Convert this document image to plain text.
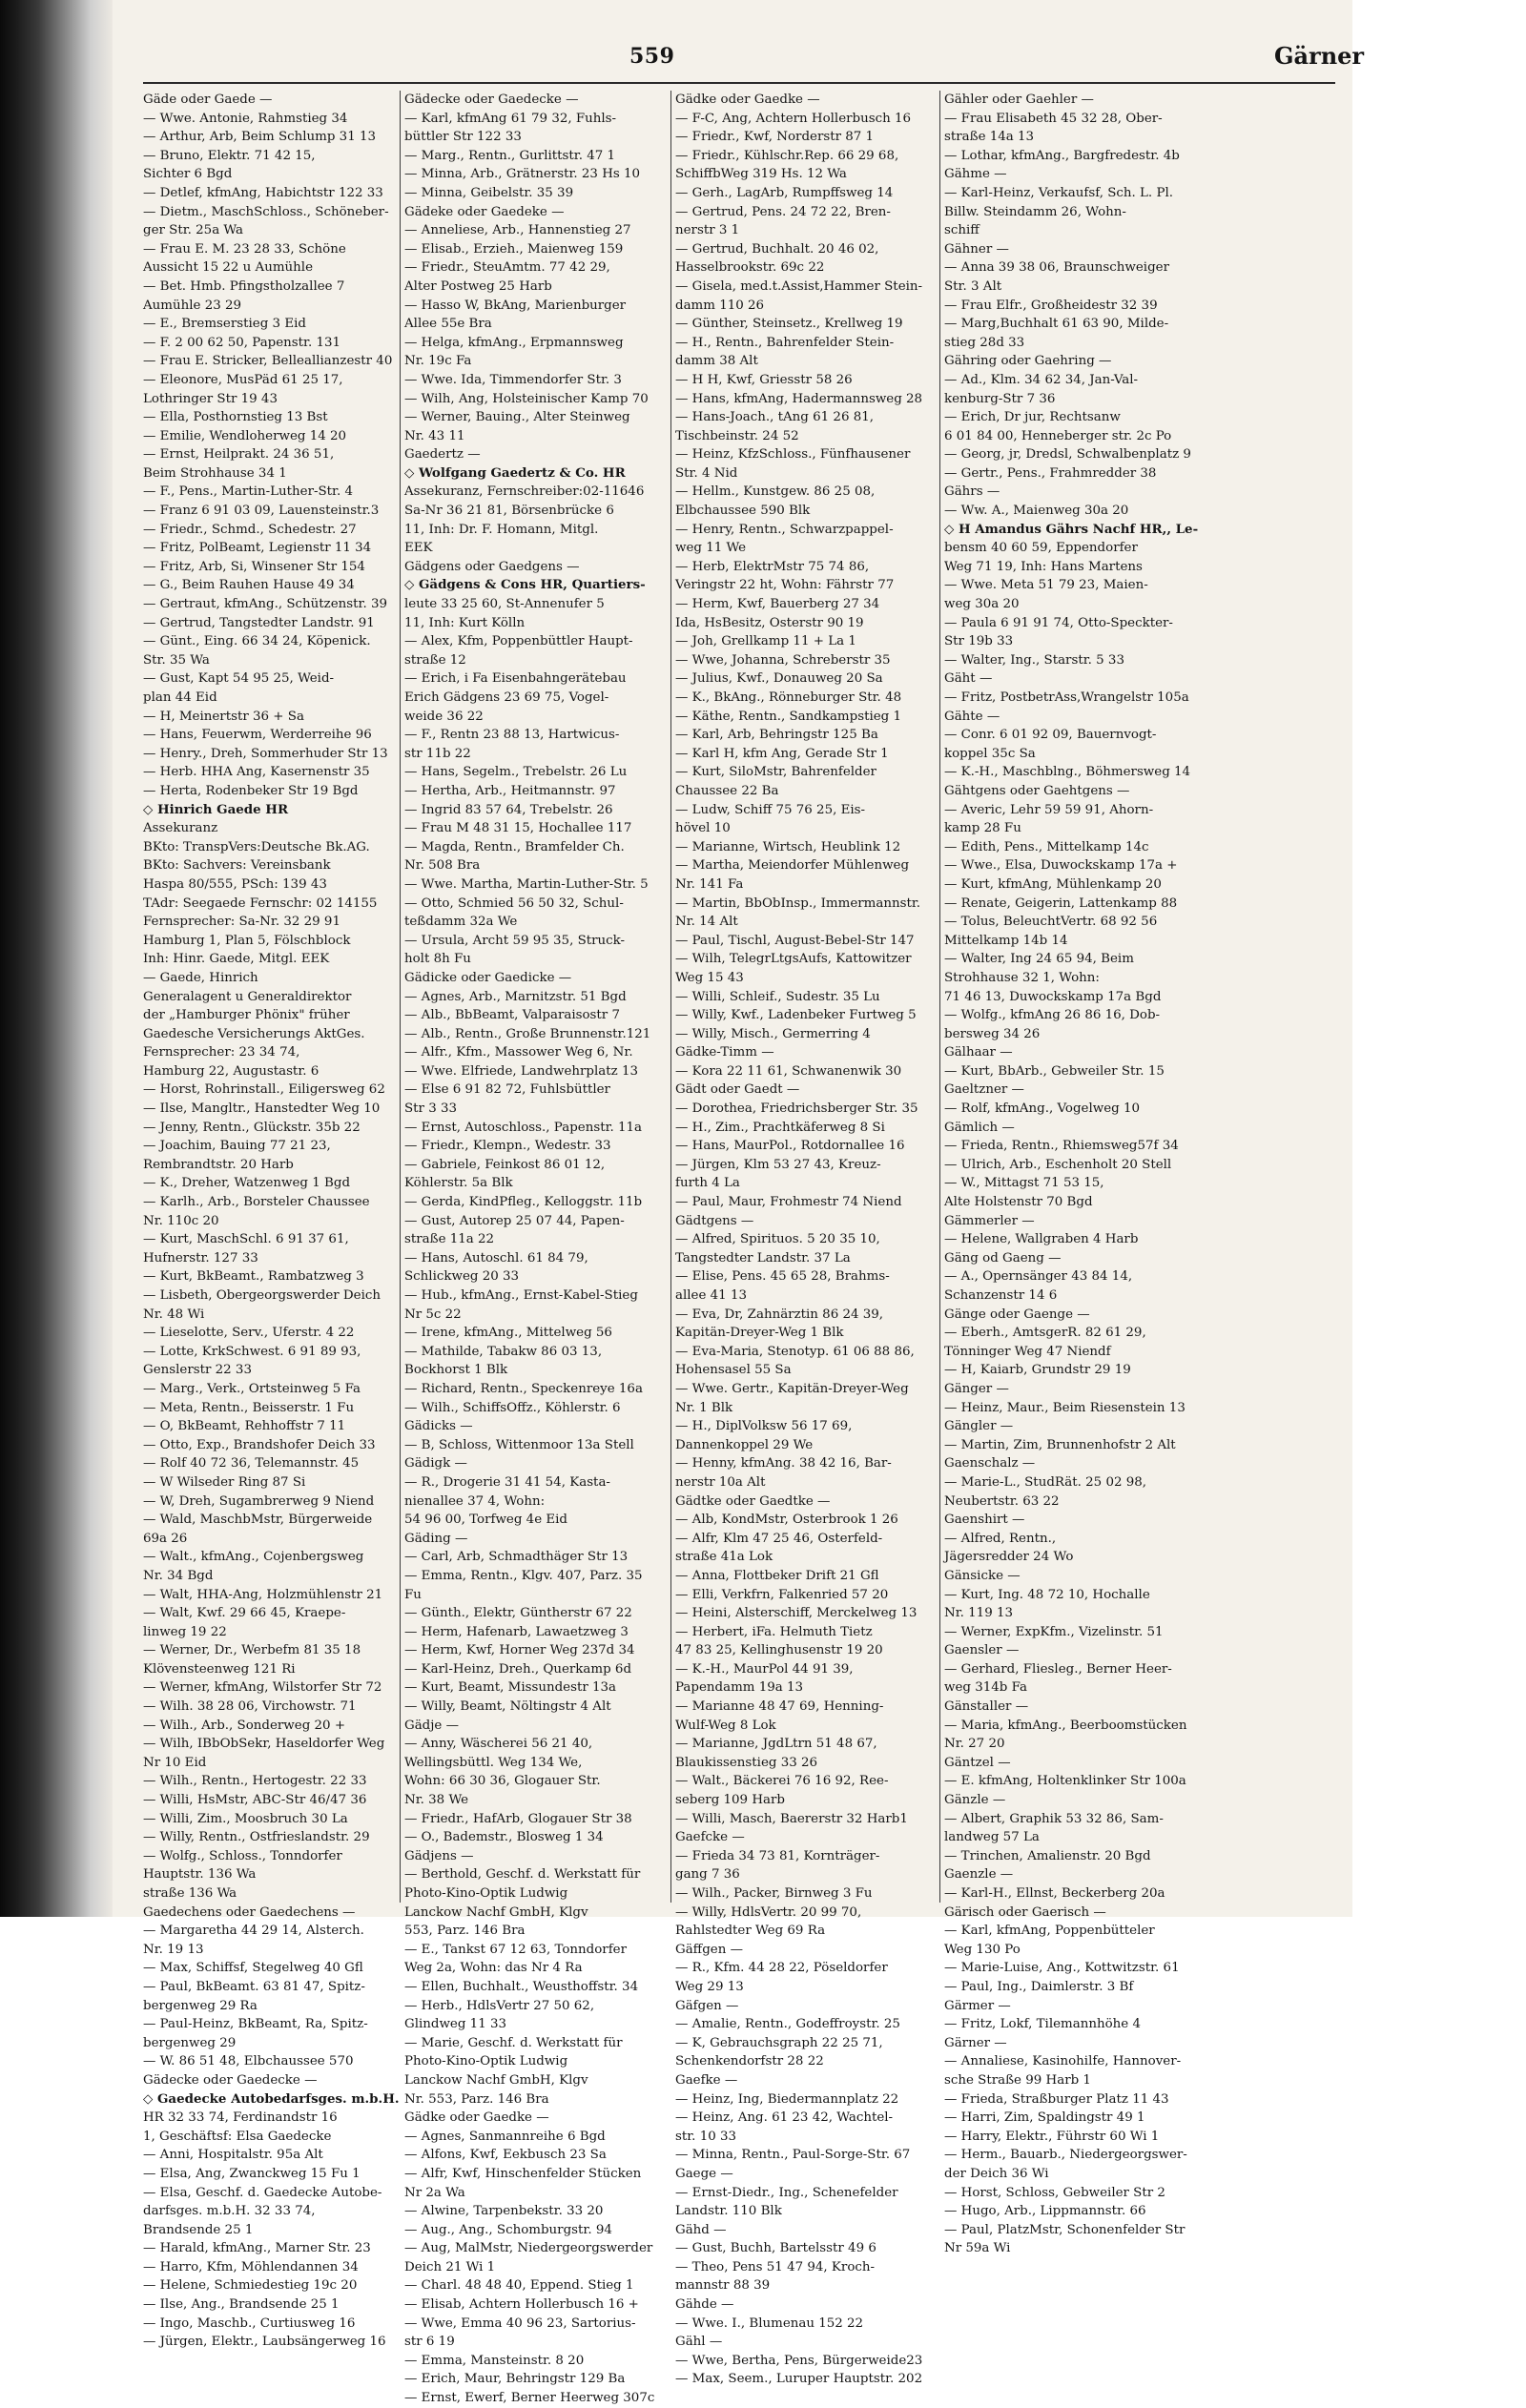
559	Gärner
Gäde oder Gaede —
— Wwe. Antonie, Rahmstieg 34
— Arthur, Arb, Beim Schlump 31 13
— Bruno, Elektr. 71 42 15,
Sichter 6 Bgd
— Detlef, kfmAng, Habichtstr 122 33
— Dietm., MaschSchloss., Schöneber-
ger Str. 25a Wa
— Frau E. M. 23 28 33, Schöne
Aussicht 15 22 u Aumühle
— Bet. Hmb. Pfingstholzallee 7
Aumühle 23 29
— E., Bremserstieg 3 Eid
— F. 2 00 62 50, Papenstr. 131
— Frau E. Stricker, Belleallianzestr 40
— Eleonore, MusPäd 61 25 17,
Lothringer Str 19 43
— Ella, Posthornstieg 13 Bst
— Emilie, Wendloherweg 14 20
— Ernst, Heilprakt. 24 36 51,
Beim Strohhause 34 1
— F., Pens., Martin-Luther-Str. 4
— Franz 6 91 03 09, Lauensteinstr.3
— Friedr., Schmd., Schedestr. 27
— Fritz, PolBeamt, Legienstr 11 34
— Fritz, Arb, Si, Winsener Str 154
— G., Beim Rauhen Hause 49 34
— Gertraut, kfmAng., Schützenstr. 39
— Gertrud, Tangstedter Landstr. 91
— Günt., Eing. 66 34 24, Köpenick.
Str. 35 Wa
— Gust, Kapt 54 95 25, Weid-
plan 44 Eid
— H, Meinertstr 36 + Sa
— Hans, Feuerwm, Werderreihe 96
— Henry., Dreh, Sommerhuder Str 13
— Herb. HHA Ang, Kasernenstr 35
— Herta, Rodenbeker Str 19 Bgd
◇ Hinrich Gaede HR
Assekuranz
BKto: TranspVers:Deutsche Bk.AG.
BKto: Sachvers: Vereinsbank
Haspa 80/555, PSch: 139 43
TAdr: Seegaede Fernschr: 02 14155
Fernsprecher: Sa-Nr. 32 29 91
Hamburg 1, Plan 5, Fölschblock
Inh: Hinr. Gaede, Mitgl. EEK
— Gaede, Hinrich
Generalagent u Generaldirektor
der „Hamburger Phönix" früher
Gaedesche Versicherungs AktGes.
Fernsprecher: 23 34 74,
Hamburg 22, Augustastr. 6
— Horst, Rohrinstall., Eiligersweg 62
— Ilse, Mangltr., Hanstedter Weg 10
— Jenny, Rentn., Glückstr. 35b 22
— Joachim, Bauing 77 21 23,
Rembrandtstr. 20 Harb
— K., Dreher, Watzenweg 1 Bgd
— Karlh., Arb., Borsteler Chaussee
Nr. 110c 20
— Kurt, MaschSchl. 6 91 37 61,
Hufnerstr. 127 33
— Kurt, BkBeamt., Rambatzweg 3
— Lisbeth, Obergeorgswerder Deich
Nr. 48 Wi
— Lieselotte, Serv., Uferstr. 4 22
— Lotte, KrkSchwest. 6 91 89 93,
Genslerstr 22 33
— Marg., Verk., Ortsteinweg 5 Fa
— Meta, Rentn., Beisserstr. 1 Fu
— O, BkBeamt, Rehhoffstr 7 11
— Otto, Exp., Brandshofer Deich 33
— Rolf 40 72 36, Telemannstr. 45
— W Wilseder Ring 87 Si
— W, Dreh, Sugambrerweg 9 Niend
— Wald, MaschbMstr, Bürgerweide
69a 26
— Walt., kfmAng., Cojenbergsweg
Nr. 34 Bgd
— Walt, HHA-Ang, Holzmühlenstr 21
— Walt, Kwf. 29 66 45, Kraepe-
linweg 19 22
— Werner, Dr., Werbefm 81 35 18
Klövensteenweg 121 Ri
— Werner, kfmAng, Wilstorfer Str 72
— Wilh. 38 28 06, Virchowstr. 71
— Wilh., Arb., Sonderweg 20 +
— Wilh, IBbObSekr, Haseldorfer Weg
Nr 10 Eid
— Wilh., Rentn., Hertogestr. 22 33
— Willi, HsMstr, ABC-Str 46/47 36
— Willi, Zim., Moosbruch 30 La
— Willy, Rentn., Ostfrieslandstr. 29
— Wolfg., Schloss., Tonndorfer
Hauptstr. 136 Wa
straße 136 Wa
Gaedechens oder Gaedechens —
— Margaretha 44 29 14, Alsterch.
Nr. 19 13
— Max, Schiffsf, Stegelweg 40 Gfl
— Paul, BkBeamt. 63 81 47, Spitz-
bergenweg 29 Ra
— Paul-Heinz, BkBeamt, Ra, Spitz-
bergenweg 29
— W. 86 51 48, Elbchaussee 570
Gädecke oder Gaedecke —
◇ Gaedecke Autobedarfsges. m.b.H.
HR 32 33 74, Ferdinandstr 16
1, Geschäftsf: Elsa Gaedecke
— Anni, Hospitalstr. 95a Alt
— Elsa, Ang, Zwanckweg 15 Fu 1
— Elsa, Geschf. d. Gaedecke Autobe-
darfsges. m.b.H. 32 33 74,
Brandsende 25 1
— Harald, kfmAng., Marner Str. 23
— Harro, Kfm, Möhlendannen 34
— Helene, Schmiedestieg 19c 20
— Ilse, Ang., Brandsende 25 1
— Ingo, Maschb., Curtiusweg 16
— Jürgen, Elektr., Laubsängerweg 16
Gädecke oder Gaedecke —
— Karl, kfmAng 61 79 32, Fuhls-
büttler Str 122 33
— Marg., Rentn., Gurlittstr. 47 1
— Minna, Arb., Grätnerstr. 23 Hs 10
— Minna, Geibelstr. 35 39
Gädeke oder Gaedeke —
— Anneliese, Arb., Hannenstieg 27
— Elisab., Erzieh., Maienweg 159
— Friedr., SteuAmtm. 77 42 29,
Alter Postweg 25 Harb
— Hasso W, BkAng, Marienburger
Allee 55e Bra
— Helga, kfmAng., Erpmannsweg
Nr. 19c Fa
— Wwe. Ida, Timmendorfer Str. 3
— Wilh, Ang, Holsteinischer Kamp 70
— Werner, Bauing., Alter Steinweg
Nr. 43 11
Gaedertz —
◇ Wolfgang Gaedertz & Co. HR
Assekuranz, Fernschreiber:02-11646
Sa-Nr 36 21 81, Börsenbrücke 6
11, Inh: Dr. F. Homann, Mitgl.
EEK
Gädgens oder Gaedgens —
◇ Gädgens & Cons HR, Quartiers-
leute 33 25 60, St-Annenufer 5
11, Inh: Kurt Kölln
— Alex, Kfm, Poppenbüttler Haupt-
straße 12
— Erich, i Fa Eisenbahngerätebau
Erich Gädgens 23 69 75, Vogel-
weide 36 22
— F., Rentn 23 88 13, Hartwicus-
str 11b 22
— Hans, Segelm., Trebelstr. 26 Lu
— Hertha, Arb., Heitmannstr. 97
— Ingrid 83 57 64, Trebelstr. 26
— Frau M 48 31 15, Hochallee 117
— Magda, Rentn., Bramfelder Ch.
Nr. 508 Bra
— Wwe. Martha, Martin-Luther-Str. 5
— Otto, Schmied 56 50 32, Schul-
teßdamm 32a We
— Ursula, Archt 59 95 35, Struck-
holt 8h Fu
Gädicke oder Gaedicke —
— Agnes, Arb., Marnitzstr. 51 Bgd
— Alb., BbBeamt, Valparaisostr 7
— Alb., Rentn., Große Brunnenstr.121
— Alfr., Kfm., Massower Weg 6, Nr.
— Wwe. Elfriede, Landwehrplatz 13
— Else 6 91 82 72, Fuhlsbüttler
Str 3 33
— Ernst, Autoschloss., Papenstr. 11a
— Friedr., Klempn., Wedestr. 33
— Gabriele, Feinkost 86 01 12,
Köhlerstr. 5a Blk
— Gerda, KindPfleg., Kelloggstr. 11b
— Gust, Autorep 25 07 44, Papen-
straße 11a 22
— Hans, Autoschl. 61 84 79,
Schlickweg 20 33
— Hub., kfmAng., Ernst-Kabel-Stieg
Nr 5c 22
— Irene, kfmAng., Mittelweg 56
— Mathilde, Tabakw 86 03 13,
Bockhorst 1 Blk
— Richard, Rentn., Speckenreye 16a
— Wilh., SchiffsOffz., Köhlerstr. 6
Gädicks —
— B, Schloss, Wittenmoor 13a Stell
Gädigk —
— R., Drogerie 31 41 54, Kasta-
nienallee 37 4, Wohn:
54 96 00, Torfweg 4e Eid
Gäding —
— Carl, Arb, Schmadthäger Str 13
— Emma, Rentn., Klgv. 407, Parz. 35
Fu
— Günth., Elektr, Güntherstr 67 22
— Herm, Hafenarb, Lawaetzweg 3
— Herm, Kwf, Horner Weg 237d 34
— Karl-Heinz, Dreh., Querkamp 6d
— Kurt, Beamt, Missundestr 13a
— Willy, Beamt, Nöltingstr 4 Alt
Gädje —
— Anny, Wäscherei 56 21 40,
Wellingsbüttl. Weg 134 We,
Wohn: 66 30 36, Glogauer Str.
Nr. 38 We
— Friedr., HafArb, Glogauer Str 38
— O., Bademstr., Blosweg 1 34
Gädjens —
— Berthold, Geschf. d. Werkstatt für
Photo-Kino-Optik Ludwig
Lanckow Nachf GmbH, Klgv
553, Parz. 146 Bra
— E., Tankst 67 12 63, Tonndorfer
Weg 2a, Wohn: das Nr 4 Ra
— Ellen, Buchhalt., Weusthoffstr. 34
— Herb., HdlsVertr 27 50 62,
Glindweg 11 33
— Marie, Geschf. d. Werkstatt für
Photo-Kino-Optik Ludwig
Lanckow Nachf GmbH, Klgv
Nr. 553, Parz. 146 Bra
Gädke oder Gaedke —
— Agnes, Sanmannreihe 6 Bgd
— Alfons, Kwf, Eekbusch 23 Sa
— Alfr, Kwf, Hinschenfelder Stücken
Nr 2a Wa
— Alwine, Tarpenbekstr. 33 20
— Aug., Ang., Schomburgstr. 94
— Aug, MalMstr, Niedergeorgswerder
Deich 21 Wi 1
— Charl. 48 48 40, Eppend. Stieg 1
— Elisab, Achtern Hollerbusch 16 +
— Wwe, Emma 40 96 23, Sartorius-
str 6 19
— Emma, Mansteinstr. 8 20
— Erich, Maur, Behringstr 129 Ba
— Ernst, Ewerf, Berner Heerweg 307c
Gädke oder Gaedke —
— F-C, Ang, Achtern Hollerbusch 16
— Friedr., Kwf, Norderstr 87 1
— Friedr., Kühlschr.Rep. 66 29 68,
SchiffbWeg 319 Hs. 12 Wa
— Gerh., LagArb, Rumpffsweg 14
— Gertrud, Pens. 24 72 22, Bren-
nerstr 3 1
— Gertrud, Buchhalt. 20 46 02,
Hasselbrookstr. 69c 22
— Gisela, med.t.Assist,Hammer Stein-
damm 110 26
— Günther, Steinsetz., Krellweg 19
— H., Rentn., Bahrenfelder Stein-
damm 38 Alt
— H H, Kwf, Griesstr 58 26
— Hans, kfmAng, Hadermannsweg 28
— Hans-Joach., tAng 61 26 81,
Tischbeinstr. 24 52
— Heinz, KfzSchloss., Fünfhausener
Str. 4 Nid
— Hellm., Kunstgew. 86 25 08,
Elbchaussee 590 Blk
— Henry, Rentn., Schwarzpappel-
weg 11 We
— Herb, ElektrMstr 75 74 86,
Veringstr 22 ht, Wohn: Fährstr 77
— Herm, Kwf, Bauerberg 27 34
Ida, HsBesitz, Osterstr 90 19
— Joh, Grellkamp 11 + La 1
— Wwe, Johanna, Schreberstr 35
— Julius, Kwf., Donauweg 20 Sa
— K., BkAng., Rönneburger Str. 48
— Käthe, Rentn., Sandkampstieg 1
— Karl, Arb, Behringstr 125 Ba
— Karl H, kfm Ang, Gerade Str 1
— Kurt, SiloMstr, Bahrenfelder
Chaussee 22 Ba
— Ludw, Schiff 75 76 25, Eis-
hövel 10
— Marianne, Wirtsch, Heublink 12
— Martha, Meiendorfer Mühlenweg
Nr. 141 Fa
— Martin, BbObInsp., Immermannstr.
Nr. 14 Alt
— Paul, Tischl, August-Bebel-Str 147
— Wilh, TelegrLtgsAufs, Kattowitzer
Weg 15 43
— Willi, Schleif., Sudestr. 35 Lu
— Willy, Kwf., Ladenbeker Furtweg 5
— Willy, Misch., Germerring 4
Gädke-Timm —
— Kora 22 11 61, Schwanenwik 30
Gädt oder Gaedt —
— Dorothea, Friedrichsberger Str. 35
— H., Zim., Prachtkäferweg 8 Si
— Hans, MaurPol., Rotdornallee 16
— Jürgen, Klm 53 27 43, Kreuz-
furth 4 La
— Paul, Maur, Frohmestr 74 Niend
Gädtgens —
— Alfred, Spirituos. 5 20 35 10,
Tangstedter Landstr. 37 La
— Elise, Pens. 45 65 28, Brahms-
allee 41 13
— Eva, Dr, Zahnärztin 86 24 39,
Kapitän-Dreyer-Weg 1 Blk
— Eva-Maria, Stenotyp. 61 06 88 86,
Hohensasel 55 Sa
— Wwe. Gertr., Kapitän-Dreyer-Weg
Nr. 1 Blk
— H., DiplVolksw 56 17 69,
Dannenkoppel 29 We
— Henny, kfmAng. 38 42 16, Bar-
nerstr 10a Alt
Gädtke oder Gaedtke —
— Alb, KondMstr, Osterbrook 1 26
— Alfr, Klm 47 25 46, Osterfeld-
straße 41a Lok
— Anna, Flottbeker Drift 21 Gfl
— Elli, Verkfrn, Falkenried 57 20
— Heini, Alsterschiff, Merckelweg 13
— Herbert, iFa. Helmuth Tietz
47 83 25, Kellinghusenstr 19 20
— K.-H., MaurPol 44 91 39,
Papendamm 19a 13
— Marianne 48 47 69, Henning-
Wulf-Weg 8 Lok
— Marianne, JgdLtrn 51 48 67,
Blaukissenstieg 33 26
— Walt., Bäckerei 76 16 92, Ree-
seberg 109 Harb
— Willi, Masch, Baererstr 32 Harb1
Gaefcke —
— Frieda 34 73 81, Kornträger-
gang 7 36
— Wilh., Packer, Birnweg 3 Fu
— Willy, HdlsVertr. 20 99 70,
Rahlstedter Weg 69 Ra
Gäffgen —
— R., Kfm. 44 28 22, Pöseldorfer
Weg 29 13
Gäfgen —
— Amalie, Rentn., Godeffroystr. 25
— K, Gebrauchsgraph 22 25 71,
Schenkendorfstr 28 22
Gaefke —
— Heinz, Ing, Biedermannplatz 22
— Heinz, Ang. 61 23 42, Wachtel-
str. 10 33
— Minna, Rentn., Paul-Sorge-Str. 67
Gaege —
— Ernst-Diedr., Ing., Schenefelder
Landstr. 110 Blk
Gähd —
— Gust, Buchh, Bartelsstr 49 6
— Theo, Pens 51 47 94, Kroch-
mannstr 88 39
Gähde —
— Wwe. I., Blumenau 152 22
Gähl —
— Wwe, Bertha, Pens, Bürgerweide23
— Max, Seem., Luruper Hauptstr. 202
Gähler oder Gaehler —
— Frau Elisabeth 45 32 28, Ober-
straße 14a 13
— Lothar, kfmAng., Bargfredestr. 4b
Gähme —
— Karl-Heinz, Verkaufsf, Sch. L. Pl.
Billw. Steindamm 26, Wohn-
schiff
Gähner —
— Anna 39 38 06, Braunschweiger
Str. 3 Alt
— Frau Elfr., Großheidestr 32 39
— Marg,Buchhalt 61 63 90, Milde-
stieg 28d 33
Gähring oder Gaehring —
— Ad., Klm. 34 62 34, Jan-Val-
kenburg-Str 7 36
— Erich, Dr jur, Rechtsanw
6 01 84 00, Henneberger str. 2c Po
— Georg, jr, Dredsl, Schwalbenplatz 9
— Gertr., Pens., Frahmredder 38
Gährs —
— Ww. A., Maienweg 30a 20
◇ H Amandus Gährs Nachf HR,, Le-
bensm 40 60 59, Eppendorfer
Weg 71 19, Inh: Hans Martens
— Wwe. Meta 51 79 23, Maien-
weg 30a 20
— Paula 6 91 91 74, Otto-Speckter-
Str 19b 33
— Walter, Ing., Starstr. 5 33
Gäht —
— Fritz, PostbetrAss,Wrangelstr 105a
Gähte —
— Conr. 6 01 92 09, Bauernvogt-
koppel 35c Sa
— K.-H., Maschblng., Böhmersweg 14
Gähtgens oder Gaehtgens —
— Averic, Lehr 59 59 91, Ahorn-
kamp 28 Fu
— Edith, Pens., Mittelkamp 14c
— Wwe., Elsa, Duwockskamp 17a +
— Kurt, kfmAng, Mühlenkamp 20
— Renate, Geigerin, Lattenkamp 88
— Tolus, BeleuchtVertr. 68 92 56
Mittelkamp 14b 14
— Walter, Ing 24 65 94, Beim
Strohhause 32 1, Wohn:
71 46 13, Duwockskamp 17a Bgd
— Wolfg., kfmAng 26 86 16, Dob-
bersweg 34 26
Gälhaar —
— Kurt, BbArb., Gebweiler Str. 15
Gaeltzner —
— Rolf, kfmAng., Vogelweg 10
Gämlich —
— Frieda, Rentn., Rhiemsweg57f 34
— Ulrich, Arb., Eschenholt 20 Stell
— W., Mittagst 71 53 15,
Alte Holstenstr 70 Bgd
Gämmerler —
— Helene, Wallgraben 4 Harb
Gäng od Gaeng —
— A., Opernsänger 43 84 14,
Schanzenstr 14 6
Gänge oder Gaenge —
— Eberh., AmtsgerR. 82 61 29,
Tönninger Weg 47 Niendf
— H, Kaiarb, Grundstr 29 19
Gänger —
— Heinz, Maur., Beim Riesenstein 13
Gängler —
— Martin, Zim, Brunnenhofstr 2 Alt
Gaenschalz —
— Marie-L., StudRät. 25 02 98,
Neubertstr. 63 22
Gaenshirt —
— Alfred, Rentn.,
Jägersredder 24 Wo
Gänsicke —
— Kurt, Ing. 48 72 10, Hochalle
Nr. 119 13
— Werner, ExpKfm., Vizelinstr. 51
Gaensler —
— Gerhard, Fliesleg., Berner Heer-
weg 314b Fa
Gänstaller —
— Maria, kfmAng., Beerboomstücken
Nr. 27 20
Gäntzel —
— E. kfmAng, Holtenklinker Str 100a
Gänzle —
— Albert, Graphik 53 32 86, Sam-
landweg 57 La
— Trinchen, Amalienstr. 20 Bgd
Gaenzle —
— Karl-H., Ellnst, Beckerberg 20a
Gärisch oder Gaerisch —
— Karl, kfmAng, Poppenbütteler
Weg 130 Po
— Marie-Luise, Ang., Kottwitzstr. 61
— Paul, Ing., Daimlerstr. 3 Bf
Gärmer —
— Fritz, Lokf, Tilemannhöhe 4
Gärner —
— Annaliese, Kasinohilfe, Hannover-
sche Straße 99 Harb 1
— Frieda, Straßburger Platz 11 43
— Harri, Zim, Spaldingstr 49 1
— Harry, Elektr., Führstr 60 Wi 1
— Herm., Bauarb., Niedergeorgswer-
der Deich 36 Wi
— Horst, Schloss, Gebweiler Str 2
— Hugo, Arb., Lippmannstr. 66
— Paul, PlatzMstr, Schonenfelder Str
Nr 59a Wi
